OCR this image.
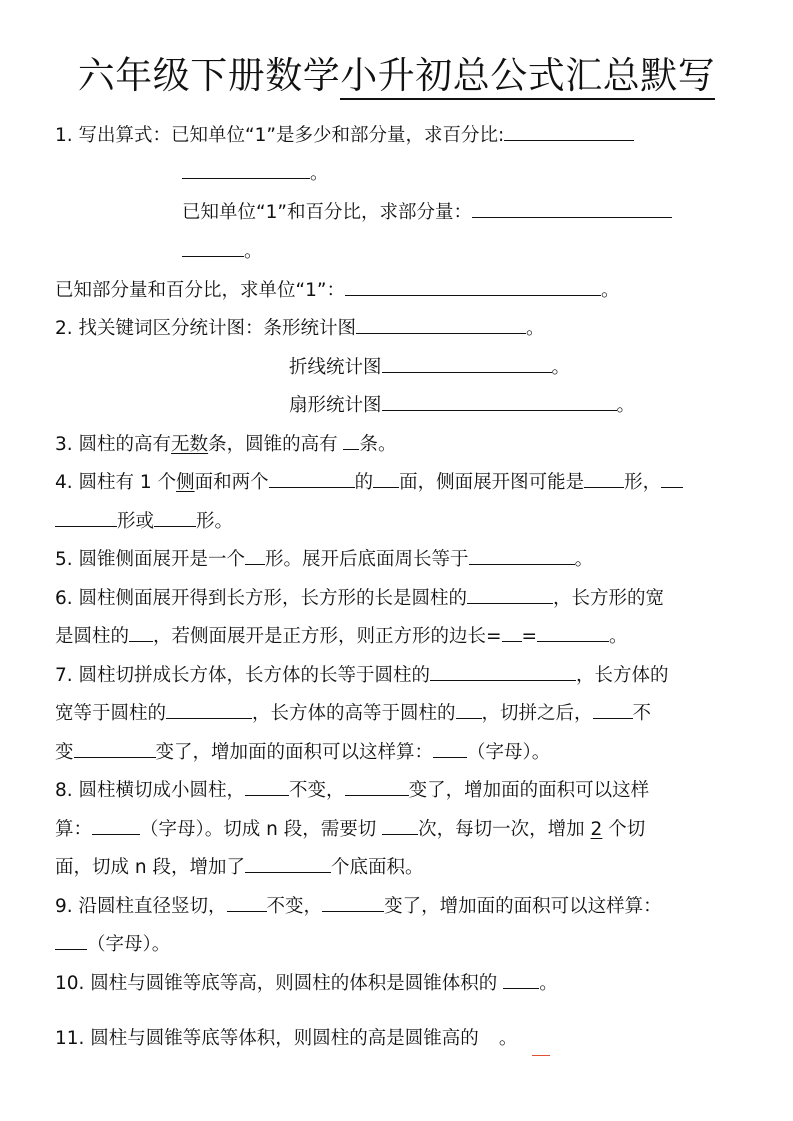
六年级下册数学小升初总公式汇总默写
1. 写出算式：已知单位“1”是多少和部分量，求百分比:
。
已知单位“1”和百分比，求部分量：
。
已知部分量和百分比，求单位“1”：	。
2. 找关键词区分统计图：条形统计图	。
折线统计图	。
扇形统计图	。
3. 圆柱的高有无数条，圆锥的高有 条。
4. 圆柱有 1 个侧面和两个	的 面，侧面展开图可能是 形，
形或 形。
5. 圆锥侧面展开是一个 形。展开后底面周长等于	。
6. 圆柱侧面展开得到长方形，长方形的长是圆柱的	，长方形的宽
是圆柱的 ，若侧面展开是正方形，则正方形的边长= =	。
7. 圆柱切拼成长方体，长方体的长等于圆柱的	，长方体的
宽等于圆柱的	，长方体的高等于圆柱的 ，切拼之后， 不
变	变了，增加面的面积可以这样算： （字母）。
8. 圆柱横切成小圆柱， 不变，	变了，增加面的面积可以这样
算：	（字母）。切成 n 段，需要切 次，每切一次，增加 2 个切
面，切成 n 段，增加了	个底面积。
9. 沿圆柱直径竖切， 不变，	变了，增加面的面积可以这样算：
（字母）。
10. 圆柱与圆锥等底等高，则圆柱的体积是圆锥体积的 。
11. 圆柱与圆锥等底等体积，则圆柱的高是圆锥高的 。
